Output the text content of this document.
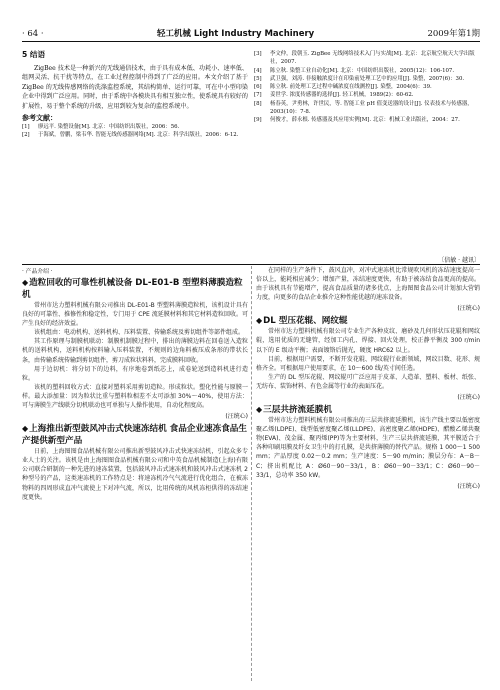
· 64 ·	轻工机械 Light Industry Machinery	2009年第1期
5 结语
ZigBee 技术是一种新兴的无线通信技术，由于具有成本低、功耗小、速率低、组网灵活、抗干扰等特点，在工业过程控制中得到了广泛的应用。本文介绍了基于 ZigBee 的无线传感网络的洗涤监控系统，其结构简单、运行可靠，可在中小型印染企业中得到广泛应用。同时，由于系统中各模块具有相互独立性，使系统具有较好的扩展性，易于整个系统的升级，应用到较为复杂的监控系统中。
参考文献：
[1]	廖远平. 染整设备[M]. 北京：中国纺织出版社，2006：56.
[2]	于海斌，曾鹏，梁韦华. 智能无线传感器网络[M]. 北京：科学出版社，2006：6-12.
[3]	李文仲，段朝玉. ZigBee 无线网络技术入门与实战[M]. 北京：北京航空航天大学出版社，2007.
[4]	陈立秋. 染整工业自动化[M]. 北京：中国纺织出版社，2005(12)：106-107.
[5]	武卫强，刘涛. 非接触浓度计在印染前处理工艺中的应用[J]. 染整，2007(6)：30.
[6]	陈立秋. 前处理工艺过程中碱浓度在线测控[J]. 染整，2004(6)：39.
[7]	姜世学. 浓度传感器的选择[J]. 轻工机械，1989(2)：60-62.
[8]	杨春英，尹勇林，许世民，等. 智能工业 pH 值变送器的设计[J]. 仪表技术与传感器，2003(10)：7-8.
[9]	何俊才，薛永根. 传感器及其应用实例[M]. 北京：机械工业出版社，2004：27.
〔信敏 · 越讯〕
· 产品介绍 ·
◆造粒回收的可靠性机械设备 DL-E01-B 型塑料薄膜造粒机
常州市达力塑料机械有限公司推出 DL-E01-B 型塑料薄膜造粒机，该机设计具有良好的可靠性、推修性和稳定性，专门用于 CPE 流延膜材料和其它材料造粒回收。可产生良好的经济效益。
该机组由：电动机构、送料机构、压料装置、传输系统及剪切组件等部件组成。
其工作原理与制膜机联动：制膜机制膜过程中，排出的薄膜边料在回卷送入造粒机的送料机构，送料机构按料输入压料装置，不规则的边角料被压成条形的带状长条，由传输系统传输到剪切组件，剪刀成粒状料料，完成膜料回收。
用于边切机：将分切下的边料，有序地卷到纸芯上，成卷轮送到造料机进行造粒。
该机的塑料回收方式：直接对塑料采用剪切造粒。形成粒状。塑化性能与原膜一样。最大添加量：因为粒状比重与塑料粒相差不太可添加 30%～40%，使用方法：可与薄膜生产线联分切机联动也可单独与人操作使用，自动化程度高。
(汪统心)
◆上海推出新型鼓风冲击式快速冻结机 食品企业速冻食品生产提供新型产品
日前，上海图图食品机械有限公司推出新型鼓风冲击式快速冻结机，引起众多专业人士的关注。该机是由上海图图食品机械有限公司和中英食品机械制造(上海)有限公司联合研制的一种先进的速冻装置，包括鼓风冲击式速冻机和鼓风冲击式速冻机 2 种型号的产品，这类速冻机的工作特点是：将速冻机冷气气流进行优化组合，在被冻物料的四周形成直冲气流使上下对冲气流，所以，比用传统的风机冻柜供得的冻结速度更快。
在同样的生产条件下，鼓风直冲，对冲式速冻机比常规吹风机的冻结速度提高一倍以上，能耗相应减少；增加产量，冻结速度更快，有助于被冻结食品更高的提高。由于该机具有节能增产，提高食品质量的诸多优点，上海图图食品公司计划加大营销力度，向更多的食品企业推介这种性能优越的速冻设备。
(汪统心)
◆DL 型压花辊、网纹辊
常州市达力塑料机械有限公司专业生产各种皮纹、磨砂及几何形状压花辊和网纹辊，选用优质的无缝管，经加工内孔、焊接、回火处理，校正静平衡及 300 r/min 以下的 E 级动平衡；表面镀铬后抛光，硬度 HRC62 以上。
目前，根据用户需要，不断开发花辊、网纹辊行业新领域，网纹目数、花形、规格齐全。可根据用户使用要求，在 10～600 线/英寸间任选。
生产的 DL 型压花辊、网纹辊可广泛应用于皮革、人造革、塑料、板材、纸张、无纺布、装饰材料、有色金属等行业的表面压花。
(汪统心)
◆三层共挤流延膜机
常州市达力塑料机械有限公司推出的三层共挤流延膜机，该生产线主要以低密度聚乙烯(LDPE)、线型低密度聚乙烯(LLDPE)、高密度聚乙烯(HDPE)、醋酸乙烯共聚物(EVA)、茂金属、聚丙烯(PP)等为主要材料，生产三层共挤流延膜，其平膜适合于各种印刷用膜及纤女卫生中的打孔膜，是共挤薄膜的替代产品。规格 1 000～1 500 mm；产品厚度 0.02～0.2 mm；生产速度：5～90 m/min；膜层分布：A－B－C；挤出机配比 A：Ø60－90－33/1，B：Ø60－90－33/1；C：Ø60－90－33/1，总功率 350 kW。
(汪统心)
